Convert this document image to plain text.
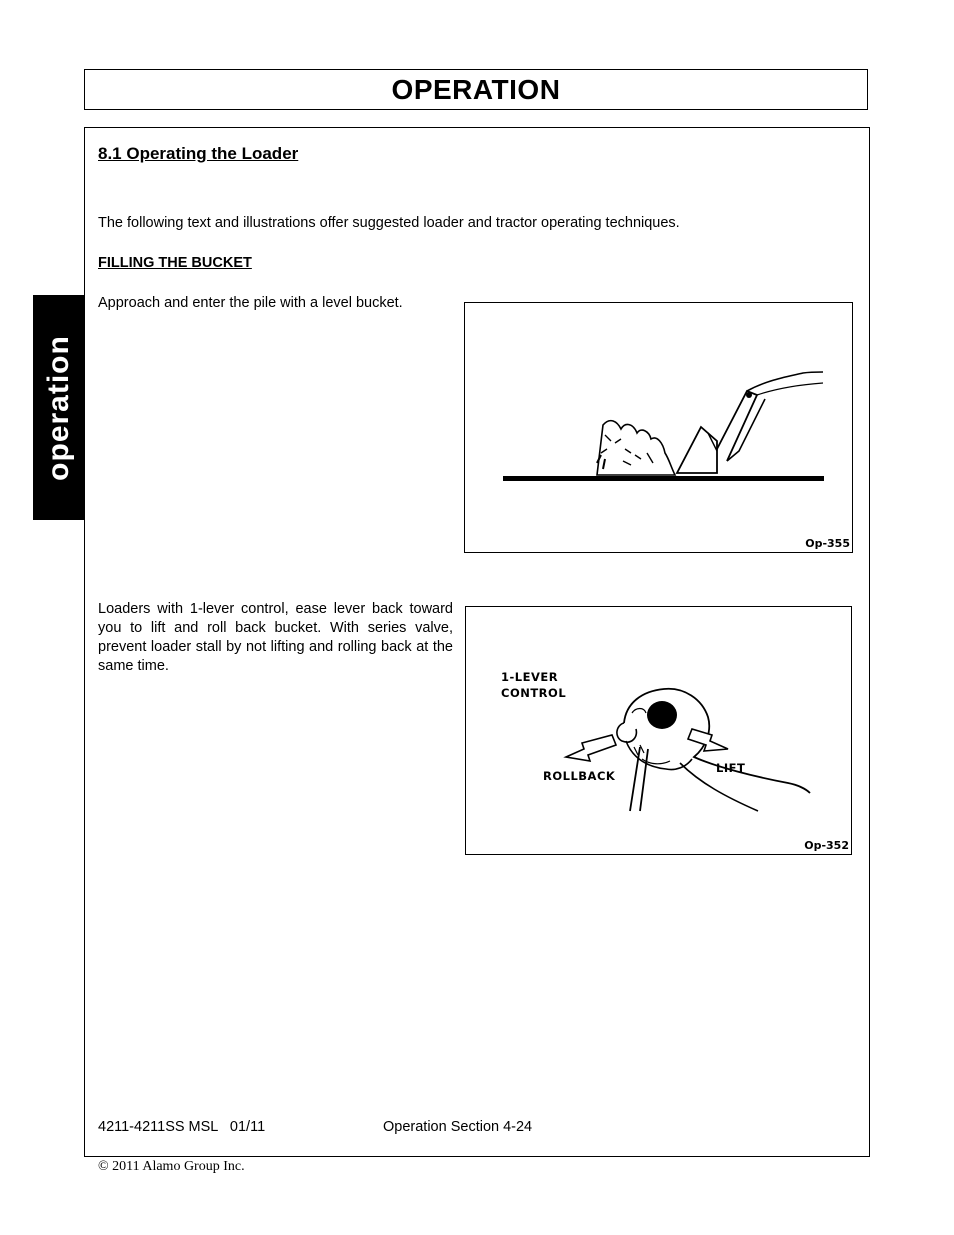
OPERATION
operation
8.1 Operating the Loader
The following text and illustrations offer suggested loader and tractor operating techniques.
FILLING THE BUCKET
Approach and enter the pile with a level bucket.
Loaders with 1-lever control, ease lever back toward you to lift and roll back bucket. With series valve, prevent loader stall by not lifting and rolling back at the same time.
Op-355
1-LEVER
CONTROL
ROLLBACK
LIFT
Op-352
4211-4211SS MSL   01/11	Operation Section 4-24
© 2011 Alamo Group Inc.
